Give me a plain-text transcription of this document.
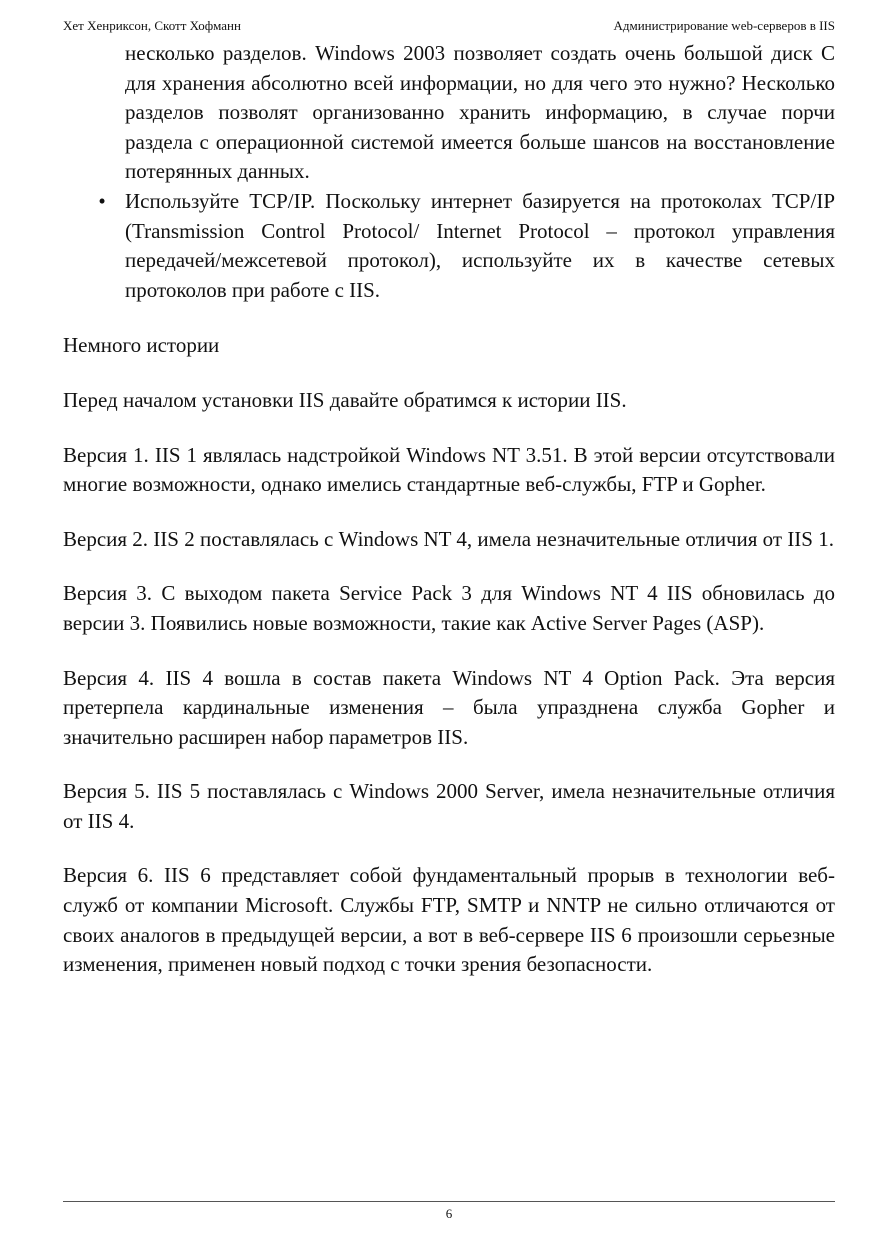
Хет Хенриксон, Скотт Хофманн	Администрирование web-серверов в IIS
несколько разделов. Windows 2003 позволяет создать очень большой диск C для хранения абсолютно всей информации, но для чего это нужно? Несколько разделов позволят организованно хранить информацию, в случае порчи раздела с операционной системой имеется больше шансов на восстановление потерянных данных.
• Используйте TCP/IP. Поскольку интернет базируется на протоколах TCP/IP (Transmission Control Protocol/ Internet Protocol – протокол управления передачей/межсетевой протокол), используйте их в качестве сетевых протоколов при работе с IIS.

Немного истории

Перед началом установки IIS давайте обратимся к истории IIS.

Версия 1. IIS 1 являлась надстройкой Windows NT 3.51. В этой версии отсутствовали многие возможности, однако имелись стандартные веб-службы, FTP и Gopher.

Версия 2. IIS 2 поставлялась с Windows NT 4, имела незначительные отличия от IIS 1.

Версия 3. С выходом пакета Service Pack 3 для Windows NT 4 IIS обновилась до версии 3. Появились новые возможности, такие как Active Server Pages (ASP).

Версия 4. IIS 4 вошла в состав пакета Windows NT 4 Option Pack. Эта версия претерпела кардинальные изменения – была упразднена служба Gopher и значительно расширен набор параметров IIS.

Версия 5. IIS 5 поставлялась с Windows 2000 Server, имела незначительные отличия от IIS 4.

Версия 6. IIS 6 представляет собой фундаментальный прорыв в технологии веб-служб от компании Microsoft. Службы FTP, SMTP и NNTP не сильно отличаются от своих аналогов в предыдущей версии, а вот в веб-сервере IIS 6 произошли серьезные изменения, применен новый подход с точки зрения безопасности.

6
